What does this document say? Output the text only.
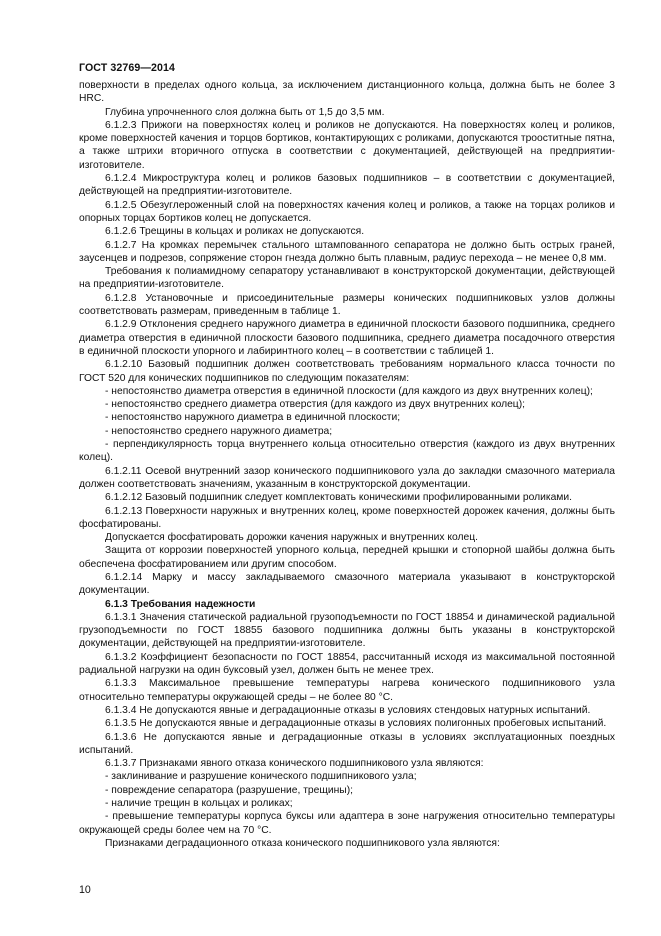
ГОСТ 32769—2014

поверхности в пределах одного кольца, за исключением дистанционного кольца, должна быть не более 3 HRC.

Глубина упрочненного слоя должна быть от 1,5 до 3,5 мм.

6.1.2.3 Прижоги на поверхностях колец и роликов не допускаются. На поверхностях колец и роликов, кроме поверхностей качения и торцов бортиков, контактирующих с роликами, допускаются трооститные пятна, а также штрихи вторичного отпуска в соответствии с документацией, действующей на предприятии-изготовителе.

6.1.2.4 Микроструктура колец и роликов базовых подшипников – в соответствии с документацией, действующей на предприятии-изготовителе.

6.1.2.5 Обезуглероженный слой на поверхностях качения колец и роликов, а также на торцах роликов и опорных торцах бортиков колец не допускается.

6.1.2.6 Трещины в кольцах и роликах не допускаются.

6.1.2.7 На кромках перемычек стального штампованного сепаратора не должно быть острых граней, заусенцев и подрезов, сопряжение сторон гнезда должно быть плавным, радиус перехода – не менее 0,8 мм.

Требования к полиамидному сепаратору устанавливают в конструкторской документации, действующей на предприятии-изготовителе.

6.1.2.8 Установочные и присоединительные размеры конических подшипниковых узлов должны соответствовать размерам, приведенным в таблице 1.

6.1.2.9 Отклонения среднего наружного диаметра в единичной плоскости базового подшипника, среднего диаметра отверстия в единичной плоскости базового подшипника, среднего диаметра посадочного отверстия в единичной плоскости упорного и лабиринтного колец – в соответствии с таблицей 1.

6.1.2.10 Базовый подшипник должен соответствовать требованиям нормального класса точности по ГОСТ 520 для конических подшипников по следующим показателям:

- непостоянство диаметра отверстия в единичной плоскости (для каждого из двух внутренних колец);

- непостоянство среднего диаметра отверстия (для каждого из двух внутренних колец);

- непостоянство наружного диаметра в единичной плоскости;

- непостоянство среднего наружного диаметра;

- перпендикулярность торца внутреннего кольца относительно отверстия (каждого из двух внутренних колец).

6.1.2.11 Осевой внутренний зазор конического подшипникового узла до закладки смазочного материала должен соответствовать значениям, указанным в конструкторской документации.

6.1.2.12 Базовый подшипник следует комплектовать коническими профилированными роликами.

6.1.2.13 Поверхности наружных и внутренних колец, кроме поверхностей дорожек качения, должны быть фосфатированы.

Допускается фосфатировать дорожки качения наружных и внутренних колец.

Защита от коррозии поверхностей упорного кольца, передней крышки и стопорной шайбы должна быть обеспечена фосфатированием или другим способом.

6.1.2.14 Марку и массу закладываемого смазочного материала указывают в конструкторской документации.

6.1.3 Требования надежности

6.1.3.1 Значения статической радиальной грузоподъемности по ГОСТ 18854 и динамической радиальной грузоподъемности по ГОСТ 18855 базового подшипника должны быть указаны в конструкторской документации, действующей на предприятии-изготовителе.

6.1.3.2 Коэффициент безопасности по ГОСТ 18854, рассчитанный исходя из максимальной постоянной радиальной нагрузки на один буксовый узел, должен быть не менее трех.

6.1.3.3 Максимальное превышение температуры нагрева конического подшипникового узла относительно температуры окружающей среды – не более 80 °С.

6.1.3.4 Не допускаются явные и деградационные отказы в условиях стендовых натурных испытаний.

6.1.3.5 Не допускаются явные и деградационные отказы в условиях полигонных пробеговых испытаний.

6.1.3.6 Не допускаются явные и деградационные отказы в условиях эксплуатационных поездных испытаний.

6.1.3.7 Признаками явного отказа конического подшипникового узла являются:

- заклинивание и разрушение конического подшипникового узла;

- повреждение сепаратора (разрушение, трещины);

- наличие трещин в кольцах и роликах;

- превышение температуры корпуса буксы или адаптера в зоне нагружения относительно температуры окружающей среды более чем на 70 °С.

Признаками деградационного отказа конического подшипникового узла являются:

10
